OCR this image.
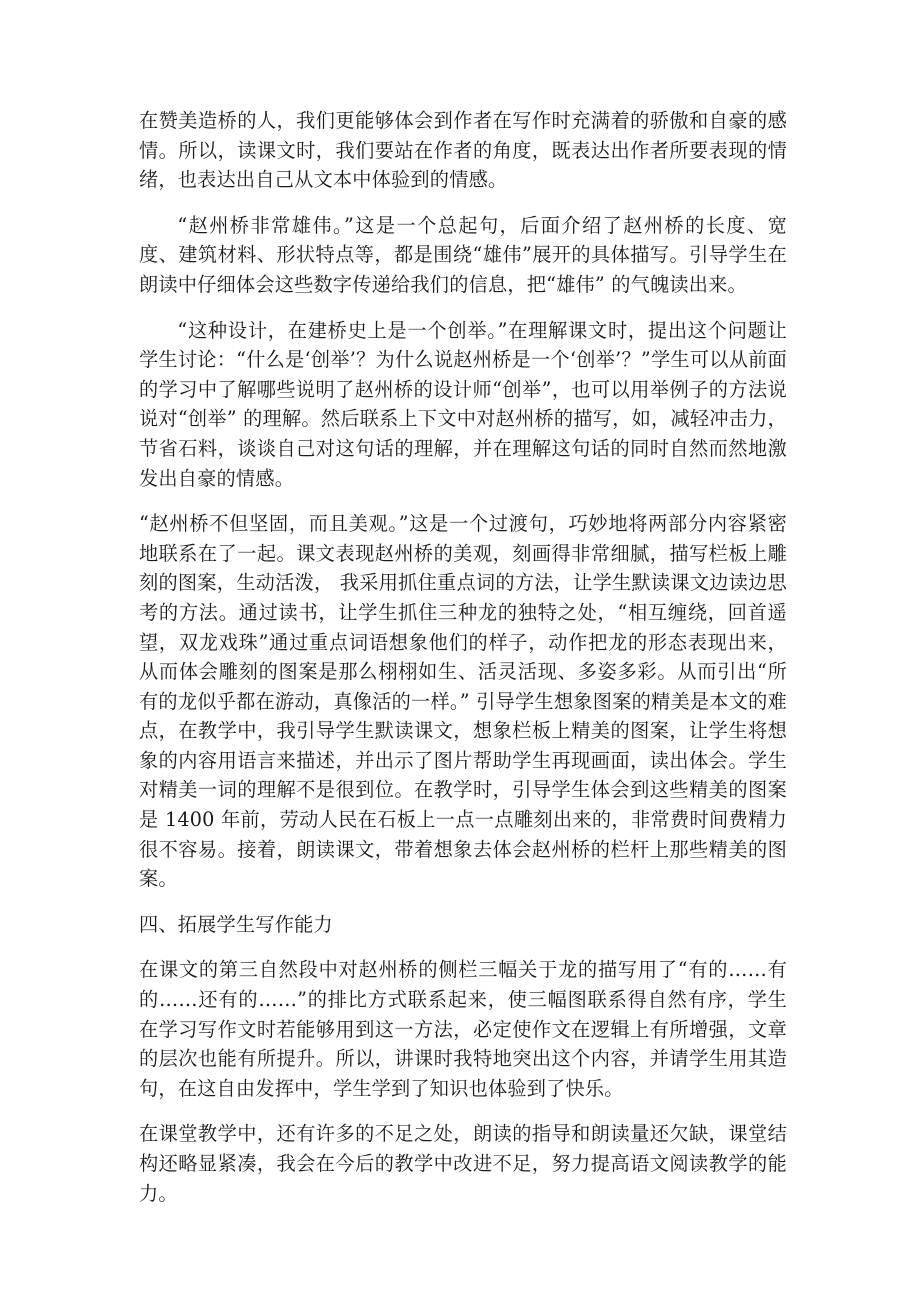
在赞美造桥的人，我们更能够体会到作者在写作时充满着的骄傲和自豪的感情。所以，读课文时，我们要站在作者的角度，既表达出作者所要表现的情绪，也表达出自己从文本中体验到的情感。

“赵州桥非常雄伟。”这是一个总起句，后面介绍了赵州桥的长度、宽度、建筑材料、形状特点等，都是围绕“雄伟”展开的具体描写。引导学生在朗读中仔细体会这些数字传递给我们的信息，把“雄伟” 的气魄读出来。

“这种设计，在建桥史上是一个创举。”在理解课文时，提出这个问题让学生讨论：“什么是‘创举’？为什么说赵州桥是一个‘创举’？”学生可以从前面的学习中了解哪些说明了赵州桥的设计师“创举”，也可以用举例子的方法说说对“创举” 的理解。然后联系上下文中对赵州桥的描写，如，减轻冲击力，节省石料，谈谈自己对这句话的理解，并在理解这句话的同时自然而然地激发出自豪的情感。

“赵州桥不但坚固，而且美观。”这是一个过渡句，巧妙地将两部分内容紧密地联系在了一起。课文表现赵州桥的美观，刻画得非常细腻，描写栏板上雕刻的图案，生动活泼， 我采用抓住重点词的方法，让学生默读课文边读边思考的方法。通过读书，让学生抓住三种龙的独特之处，“相互缠绕，回首遥望，双龙戏珠”通过重点词语想象他们的样子，动作把龙的形态表现出来，从而体会雕刻的图案是那么栩栩如生、活灵活现、多姿多彩。从而引出“所有的龙似乎都在游动，真像活的一样。” 引导学生想象图案的精美是本文的难点，在教学中，我引导学生默读课文，想象栏板上精美的图案，让学生将想象的内容用语言来描述，并出示了图片帮助学生再现画面，读出体会。学生对精美一词的理解不是很到位。在教学时，引导学生体会到这些精美的图案是 1400 年前，劳动人民在石板上一点一点雕刻出来的，非常费时间费精力很不容易。接着，朗读课文，带着想象去体会赵州桥的栏杆上那些精美的图案。

四、拓展学生写作能力

在课文的第三自然段中对赵州桥的侧栏三幅关于龙的描写用了“有的……有的……还有的……”的排比方式联系起来，使三幅图联系得自然有序，学生在学习写作文时若能够用到这一方法，必定使作文在逻辑上有所增强，文章的层次也能有所提升。所以，讲课时我特地突出这个内容，并请学生用其造句，在这自由发挥中，学生学到了知识也体验到了快乐。

在课堂教学中，还有许多的不足之处，朗读的指导和朗读量还欠缺，课堂结构还略显紧凑，我会在今后的教学中改进不足，努力提高语文阅读教学的能力。
